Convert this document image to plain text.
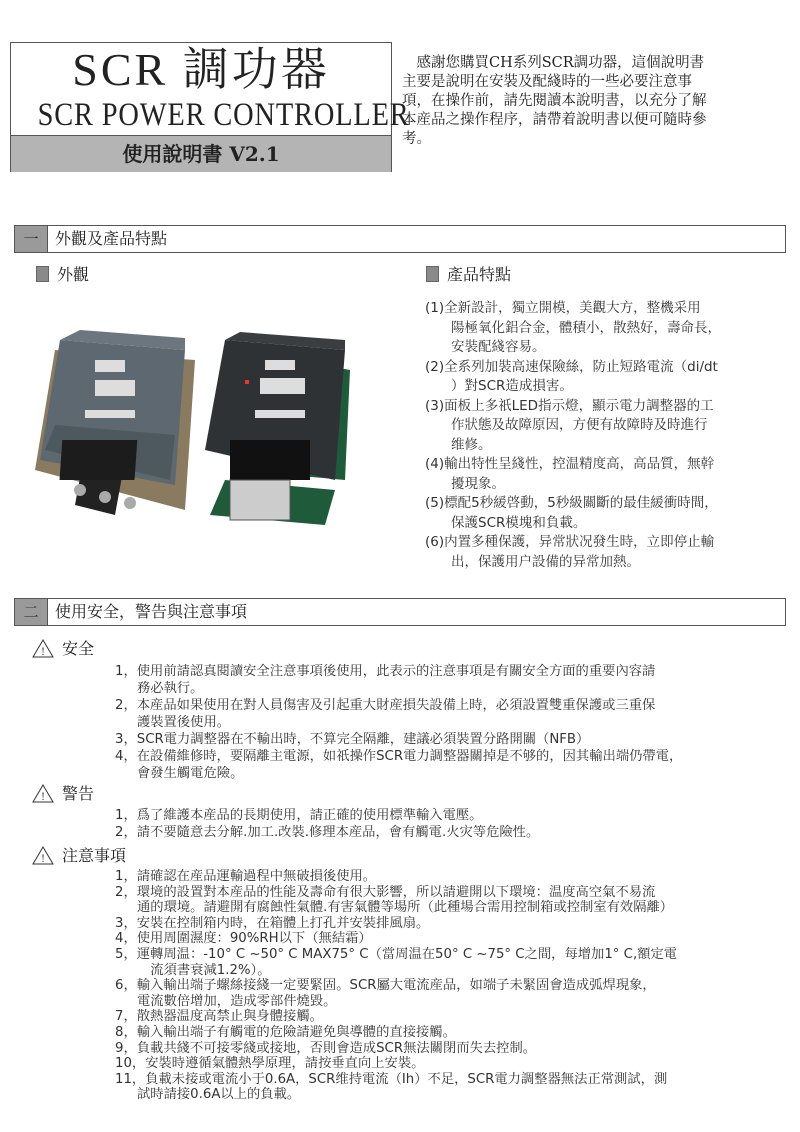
SCR 調功器
SCR POWER CONTROLLER
使用說明書 V2.1
　感謝您購買CH系列SCR調功器，這個說明書
主要是說明在安裝及配綫時的一些必要注意事
項，在操作前，請先閱讀本說明書，以充分了解
本産品之操作程序，請帶着說明書以便可隨時參
考。
一	外觀及產品特點
外觀	產品特點
(1)全新設計，獨立開模，美觀大方，整機采用
陽極氧化鋁合金，體積小，散熱好，壽命長，
安裝配綫容易。
(2)全系列加裝高速保險絲，防止短路電流（di/dt
）對SCR造成損害。
(3)面板上多祇LED指示燈，顯示電力調整器的工
作狀態及故障原因，方便有故障時及時進行
维修。
(4)輸出特性呈綫性，控温精度高，高品質，無幹
擾現象。
(5)標配5秒緩啓動，5秒級關斷的最佳緩衝時間，
保護SCR模塊和負載。
(6)内置多種保護，异常狀况發生時，立即停止輸
出，保護用户設備的异常加熱。
二	使用安全，警告與注意事項
! 安全
1，使用前請認真閱讀安全注意事項後使用，此表示的注意事項是有關安全方面的重要內容請
務必執行。
2，本産品如果使用在對人員傷害及引起重大財産損失設備上時，必須設置雙重保護或三重保
護裝置後使用。
3，SCR電力調整器在不輸出時，不算完全隔離，建議必須裝置分路開關（NFB）
4，在設備維修時，要隔離主電源，如祇操作SCR電力調整器關掉是不够的，因其輸出端仍帶電，
會發生觸電危險。
! 警告
1，爲了維護本産品的長期使用，請正確的使用標準輸入電壓。
2，請不要隨意去分解.加工.改裝.修理本産品，會有觸電.火灾等危險性。
! 注意事項
1，請確認在産品運輸過程中無破損後使用。
2，環境的設置對本産品的性能及壽命有很大影響，所以請避開以下環境：温度高空氣不易流
通的環境。請避開有腐蝕性氣體.有害氣體等場所（此種場合需用控制箱或控制室有效隔離）
3，安裝在控制箱内時，在箱體上打孔并安裝排風扇。
4，使用周圍濕度：90%RH以下（無結霜）
5，運轉周温：-10° C ~50° C MAX75° C（當周温在50° C ~75° C之間，每增加1° C,額定電
　流須書衰減1.2%）。
6，輸入輸出端子螺絲接綫一定要緊固。SCR屬大電流産品，如端子未緊固會造成弧焊現象，
電流數倍增加，造成零部件燒毀。
7，散熱器温度高禁止與身體接觸。
8，輸入輸出端子有觸電的危險請避免與導體的直接接觸。
9，負載共綫不可接零綫或接地，否則會造成SCR無法關閉而失去控制。
10，安裝時遵循氣體熱學原理，請按垂直向上安裝。
11，負載未接或電流小于0.6A，SCR维持電流（Ih）不足，SCR電力調整器無法正常測試，測
試時請接0.6A以上的負載。
